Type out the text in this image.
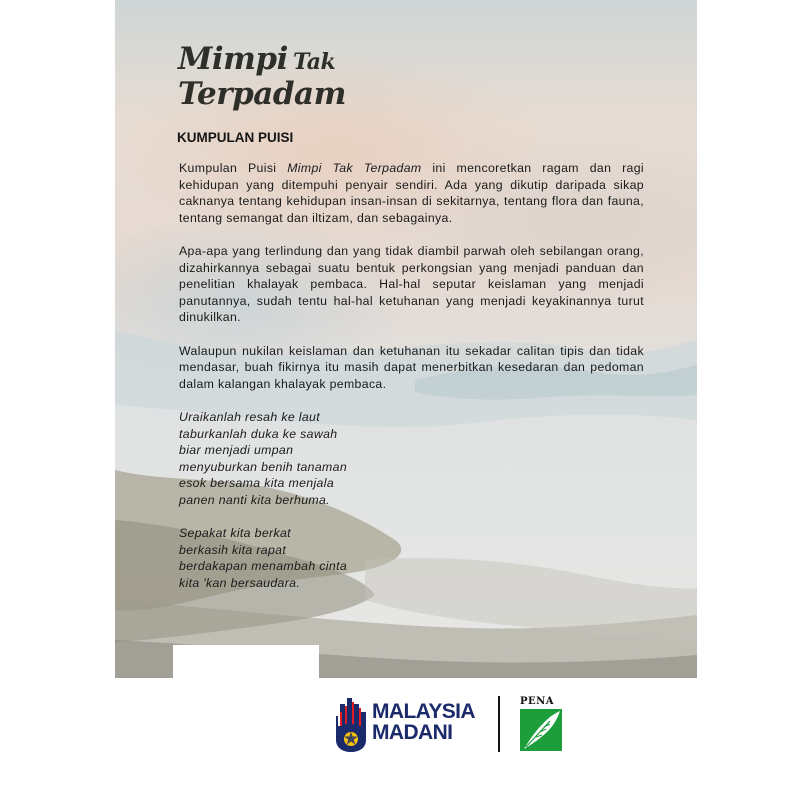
Mimpi Tak
Terpadam
KUMPULAN PUISI

Kumpulan Puisi Mimpi Tak Terpadam ini mencoretkan ragam dan ragi kehidupan yang ditempuhi penyair sendiri. Ada yang dikutip daripada sikap caknanya tentang kehidupan insan-insan di sekitarnya, tentang flora dan fauna, tentang semangat dan iltizam, dan sebagainya.

Apa-apa yang terlindung dan yang tidak diambil parwah oleh sebilangan orang, dizahirkannya sebagai suatu bentuk perkongsian yang menjadi panduan dan penelitian khalayak pembaca. Hal-hal seputar keislaman yang menjadi panutannya, sudah tentu hal-hal ketuhanan yang menjadi keyakinannya turut dinukilkan.

Walaupun nukilan keislaman dan ketuhanan itu sekadar calitan tipis dan tidak mendasar, buah fikirnya itu masih dapat menerbitkan kesedaran dan pedoman dalam kalangan khalayak pembaca.

Uraikanlah resah ke laut
taburkanlah duka ke sawah
biar menjadi umpan
menyuburkan benih tanaman
esok bersama kita menjala
panen nanti kita berhuma.
Sepakat kita berkat
berkasih kita rapat
berdakapan menambah cinta
kita 'kan bersaudara.
MALAYSIA
MADANI
PENA
